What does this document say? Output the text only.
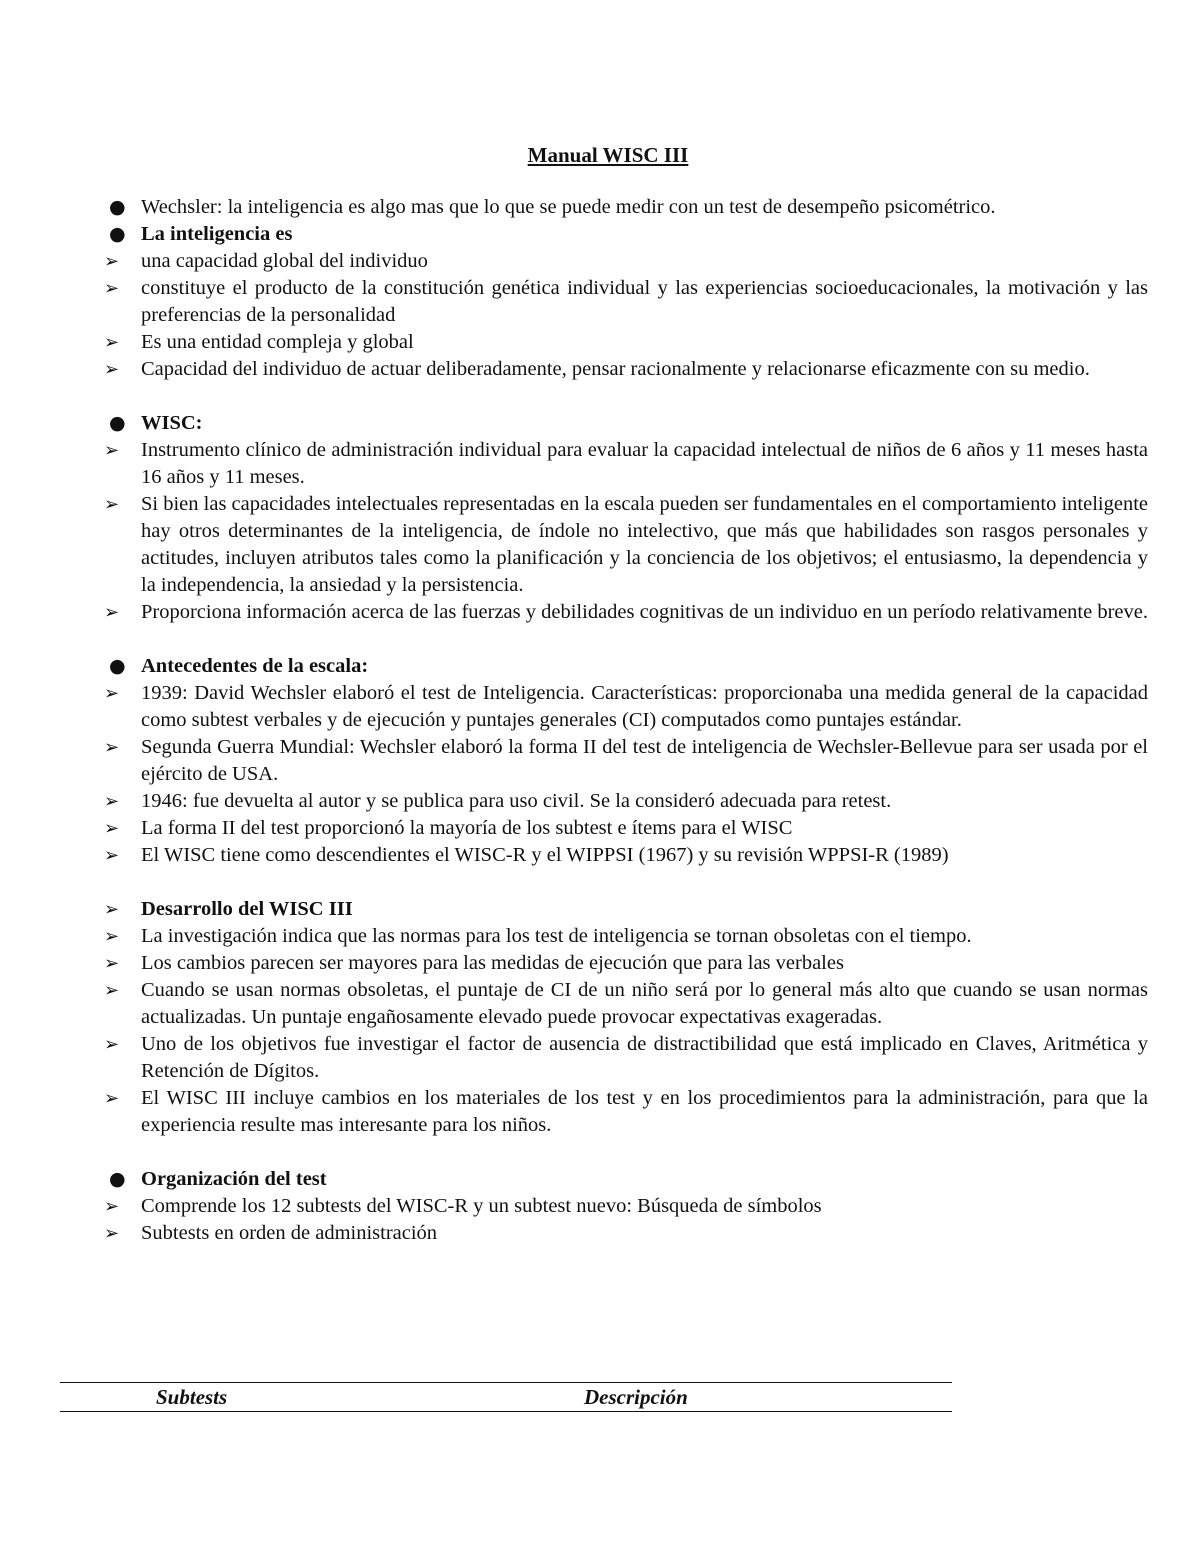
Manual WISC III
● Wechsler: la inteligencia es algo mas que lo que se puede medir con un test de desempeño psicométrico.
● La inteligencia es
➢	una capacidad global del individuo
➢	constituye el producto de la constitución genética individual y las experiencias socioeducacionales, la motivación y las preferencias de la personalidad
➢	Es una entidad compleja y global
➢	Capacidad del individuo de actuar deliberadamente, pensar racionalmente y relacionarse eficazmente con su medio.
● WISC:
➢	Instrumento clínico de administración individual para evaluar la capacidad intelectual de niños de 6 años y 11 meses hasta 16 años y 11 meses.
➢	Si bien las capacidades intelectuales representadas en la escala pueden ser fundamentales en el comportamiento inteligente hay otros determinantes de la inteligencia, de índole no intelectivo, que más que habilidades son rasgos personales y actitudes, incluyen atributos tales como la planificación y la conciencia de los objetivos; el entusiasmo, la dependencia y la independencia, la ansiedad y la persistencia.
➢	Proporciona información acerca de las fuerzas y debilidades cognitivas de un individuo en un período relativamente breve.
● Antecedentes de la escala:
➢	1939: David Wechsler elaboró el test de Inteligencia. Características: proporcionaba una medida general de la capacidad como subtest verbales y de ejecución y puntajes generales (CI) computados como puntajes estándar.
➢	Segunda Guerra Mundial: Wechsler elaboró la forma II del test de inteligencia de Wechsler-Bellevue para ser usada por el ejército de USA.
➢	1946: fue devuelta al autor y se publica para uso civil. Se la consideró adecuada para retest.
➢	La forma II del test proporcionó la mayoría de los subtest e ítems para el WISC
➢	El WISC tiene como descendientes el WISC-R y el WIPPSI (1967) y su revisión WPPSI-R (1989)
➢	Desarrollo del WISC III
➢	La investigación indica que las normas para los test de inteligencia se tornan obsoletas con el tiempo.
➢	Los cambios parecen ser mayores para las medidas de ejecución que para las verbales
➢	Cuando se usan normas obsoletas, el puntaje de CI de un niño será por lo general más alto que cuando se usan normas actualizadas. Un puntaje engañosamente elevado puede provocar expectativas exageradas.
➢	Uno de los objetivos fue investigar el factor de ausencia de distractibilidad que está implicado en Claves, Aritmética y Retención de Dígitos.
➢	El WISC III incluye cambios en los materiales de los test y en los procedimientos para la administración, para que la experiencia resulte mas interesante para los niños.
● Organización del test
➢	Comprende los 12 subtests del WISC-R y un subtest nuevo: Búsqueda de símbolos
➢	Subtests en orden de administración
Subtests	Descripción
